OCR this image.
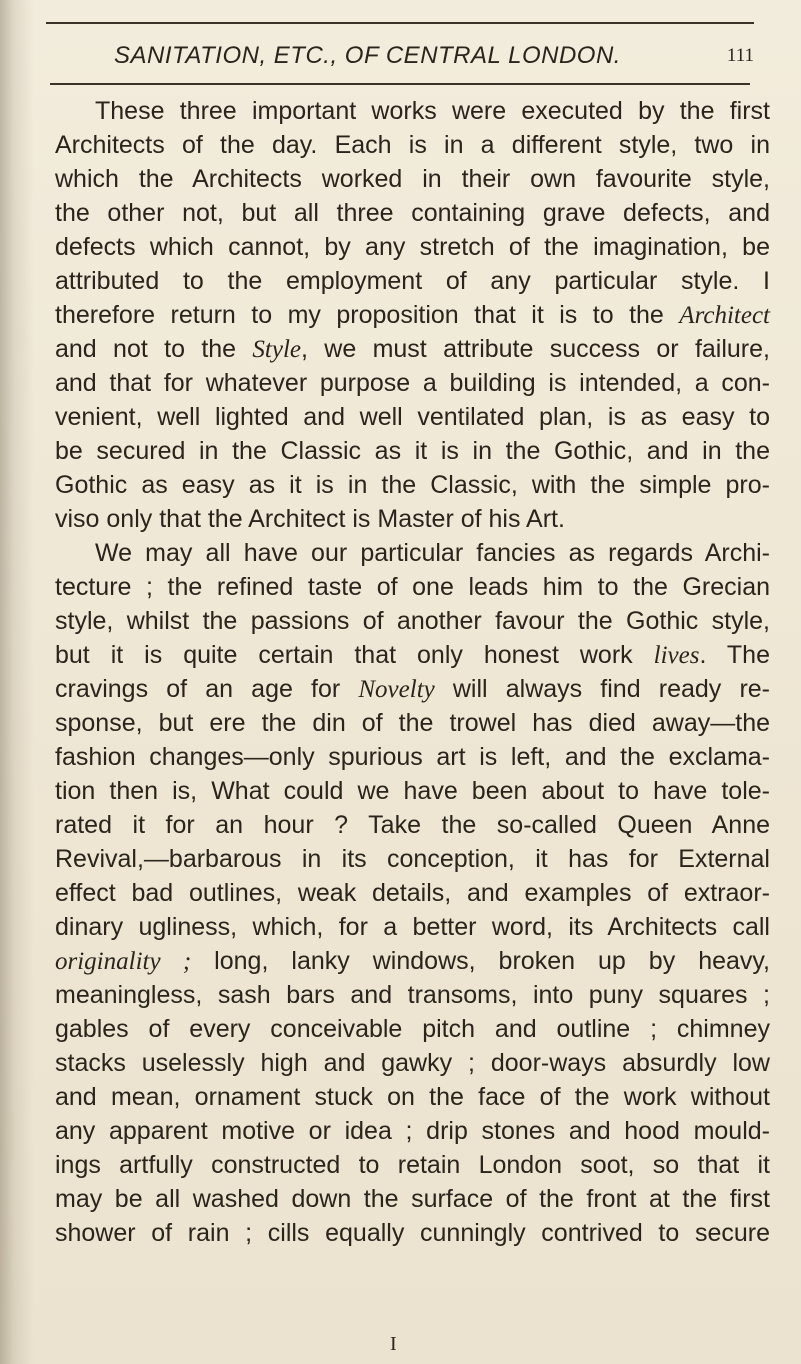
SANITATION, ETC., OF CENTRAL LONDON.	111
These three important works were executed by the first
Architects of the day. Each is in a different style, two in
which the Architects worked in their own favourite style,
the other not, but all three containing grave defects, and
defects which cannot, by any stretch of the imagination, be
attributed to the employment of any particular style. I
therefore return to my proposition that it is to the Architect
and not to the Style, we must attribute success or failure,
and that for whatever purpose a building is intended, a con-
venient, well lighted and well ventilated plan, is as easy to
be secured in the Classic as it is in the Gothic, and in the
Gothic as easy as it is in the Classic, with the simple pro-
viso only that the Architect is Master of his Art.
We may all have our particular fancies as regards Archi-
tecture ; the refined taste of one leads him to the Grecian
style, whilst the passions of another favour the Gothic style,
but it is quite certain that only honest work lives. The
cravings of an age for Novelty will always find ready re-
sponse, but ere the din of the trowel has died away—the
fashion changes—only spurious art is left, and the exclama-
tion then is, What could we have been about to have tole-
rated it for an hour ? Take the so-called Queen Anne
Revival,—barbarous in its conception, it has for External
effect bad outlines, weak details, and examples of extraor-
dinary ugliness, which, for a better word, its Architects call
originality ; long, lanky windows, broken up by heavy,
meaningless, sash bars and transoms, into puny squares ;
gables of every conceivable pitch and outline ; chimney
stacks uselessly high and gawky ; door-ways absurdly low
and mean, ornament stuck on the face of the work without
any apparent motive or idea ; drip stones and hood mould-
ings artfully constructed to retain London soot, so that it
may be all washed down the surface of the front at the first
shower of rain ; cills equally cunningly contrived to secure
I
